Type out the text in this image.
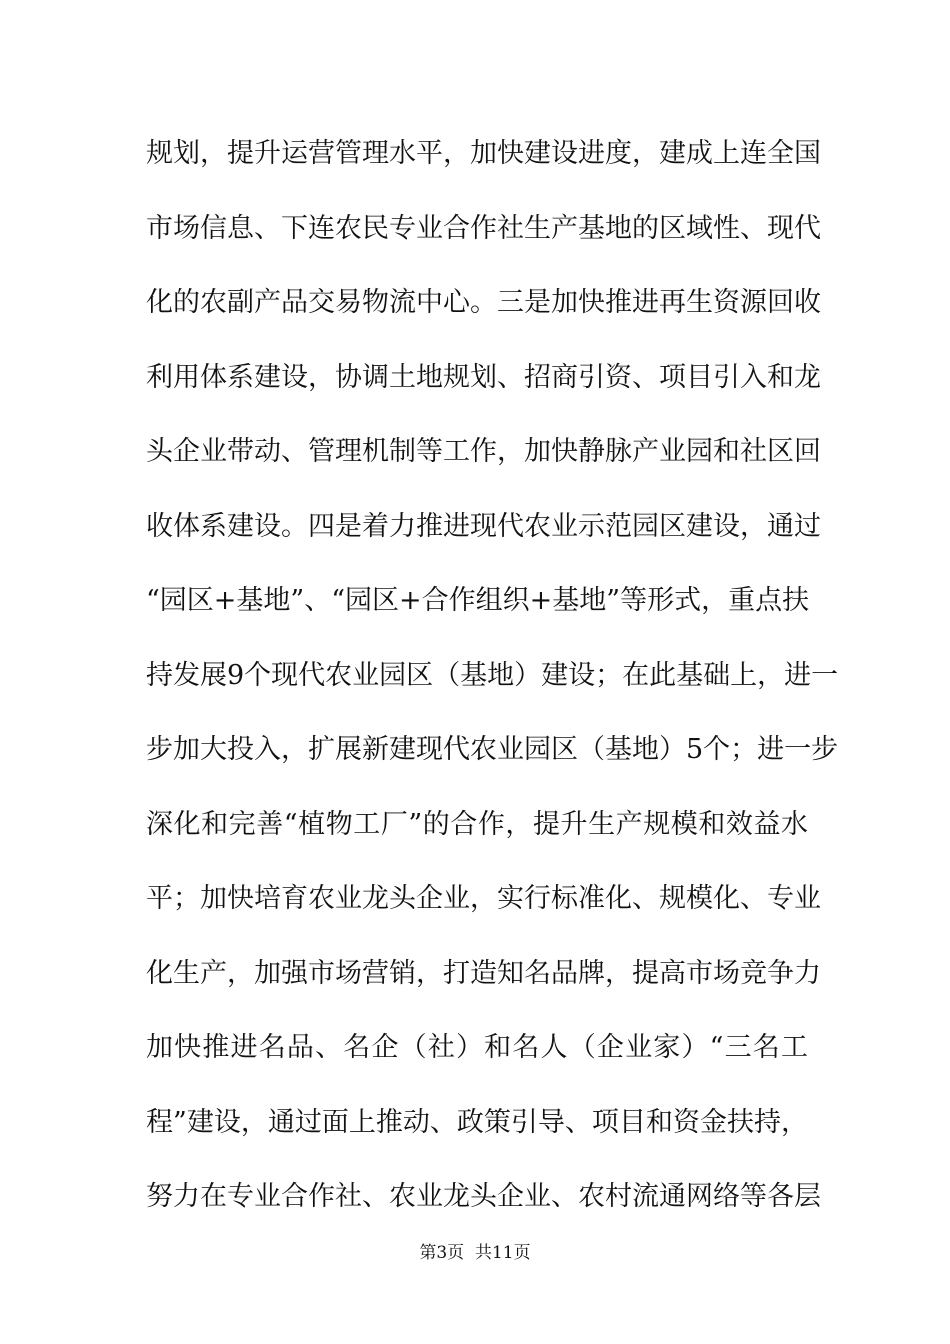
规划，提升运营管理水平，加快建设进度，建成上连全国
市场信息、下连农民专业合作社生产基地的区域性、现代
化的农副产品交易物流中心。三是加快推进再生资源回收
利用体系建设，协调土地规划、招商引资、项目引入和龙
头企业带动、管理机制等工作，加快静脉产业园和社区回
收体系建设。四是着力推进现代农业示范园区建设，通过
“园区+基地”、“园区+合作组织+基地”等形式，重点扶
持发展9个现代农业园区（基地）建设；在此基础上，进一
步加大投入，扩展新建现代农业园区（基地）5个；进一步
深化和完善“植物工厂”的合作，提升生产规模和效益水
平；加快培育农业龙头企业，实行标准化、规模化、专业
化生产，加强市场营销，打造知名品牌，提高市场竞争力
加快推进名品、名企（社）和名人（企业家）“三名工
程”建设，通过面上推动、政策引导、项目和资金扶持，
努力在专业合作社、农业龙头企业、农村流通网络等各层
第3页  共11页
